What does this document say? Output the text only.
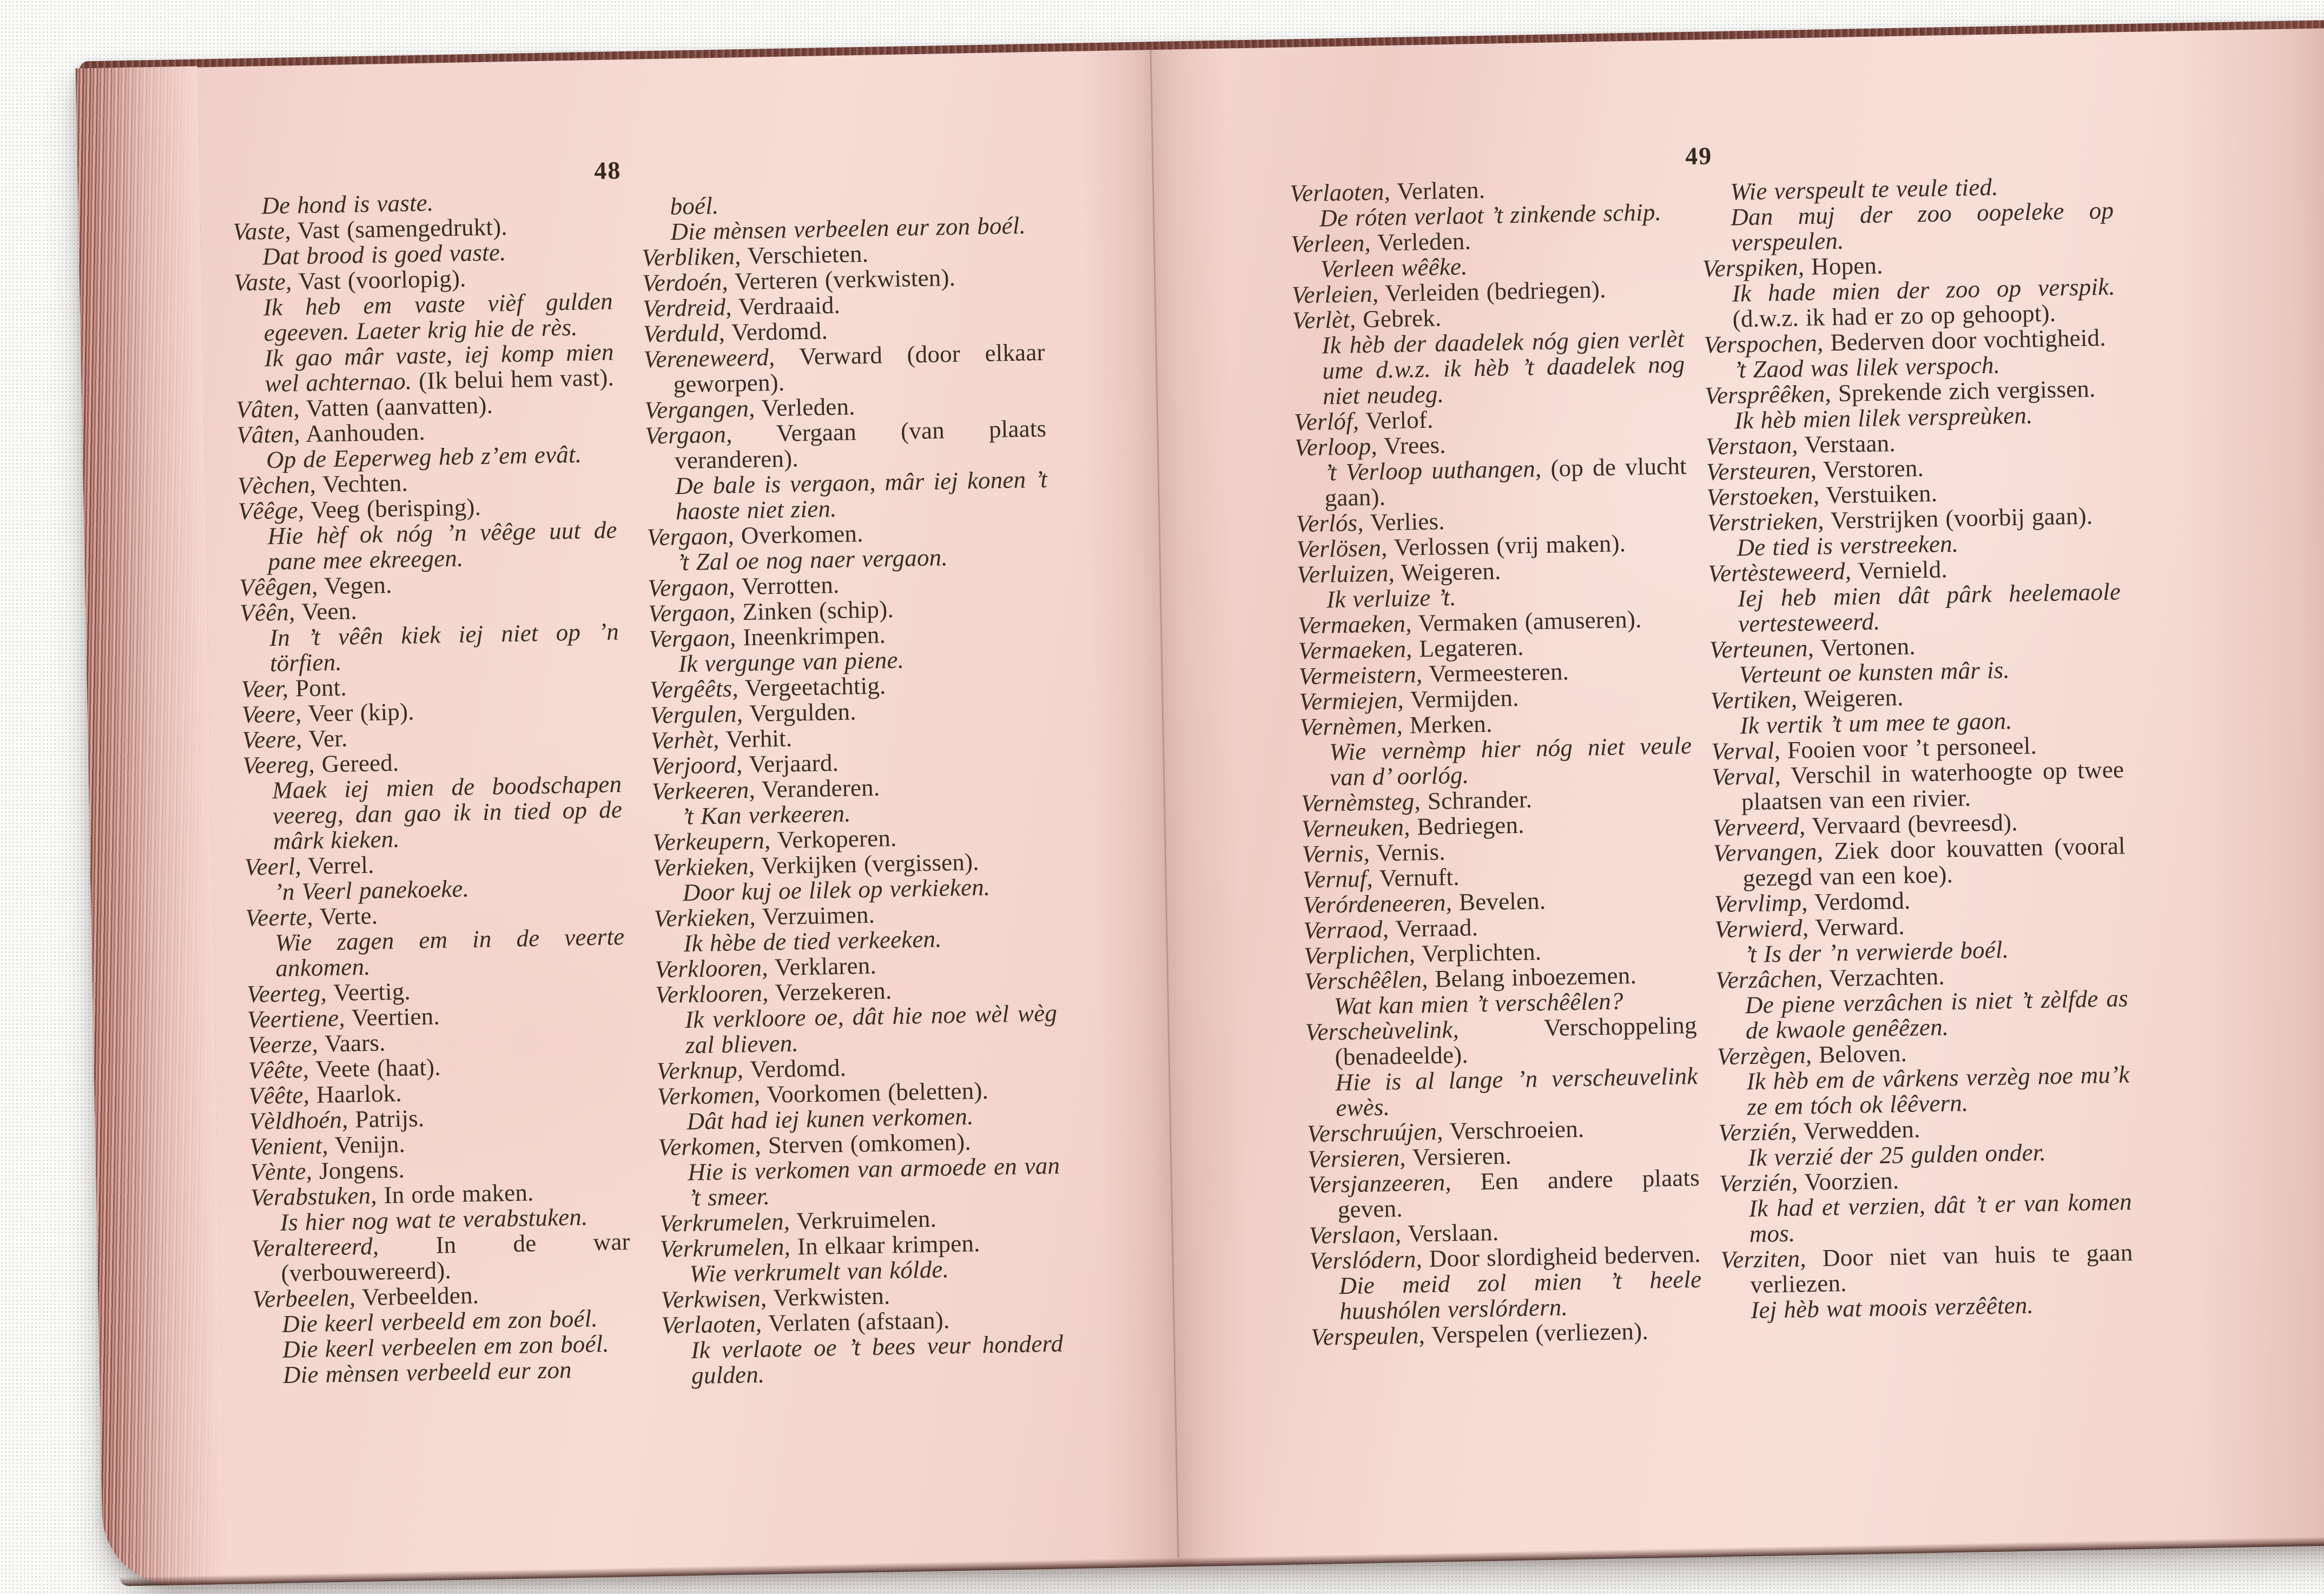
48
49

De hond is vaste.

Vaste, Vast (samengedrukt).

Dat brood is goed vaste.

Vaste, Vast (voorlopig).

Ik heb em vaste vièf gulden egeeven. Laeter krig hie de rès.

Ik gao mâr vaste, iej komp mien wel achternao. (Ik belui hem vast).

Vâten, Vatten (aanvatten).

Vâten, Aanhouden.

Op de Eeperweg heb z’em evât.

Vèchen, Vechten.

Vêêge, Veeg (berisping).

Hie hèf ok nóg ’n vêêge uut de pane mee ekreegen.

Vêêgen, Vegen.

Vêên, Veen.

In ’t vêên kiek iej niet op ’n törfien.

Veer, Pont.

Veere, Veer (kip).

Veere, Ver.

Veereg, Gereed.

Maek iej mien de boodschapen veereg, dan gao ik in tied op de mârk kieken.

Veerl, Verrel.

’n Veerl panekoeke.

Veerte, Verte.

Wie zagen em in de veerte ankomen.

Veerteg, Veertig.

Veertiene, Veertien.

Veerze, Vaars.

Vêête, Veete (haat).

Vêête, Haarlok.

Vèldhoén, Patrijs.

Venient, Venijn.

Vènte, Jongens.

Verabstuken, In orde maken.

Is hier nog wat te verabstuken.

Veraltereerd, In de war (verbouwereerd).

Verbeelen, Verbeelden.

Die keerl verbeeld em zon boél.

Die keerl verbeelen em zon boél.

Die mènsen verbeeld eur zon

boél.

Die mènsen verbeelen eur zon boél.

Verbliken, Verschieten.

Verdoén, Verteren (verkwisten).

Verdreid, Verdraaid.

Verduld, Verdomd.

Vereneweerd, Verward (door elkaar geworpen).

Vergangen, Verleden.

Vergaon, Vergaan (van plaats veranderen).

De bale is vergaon, mâr iej konen ’t haoste niet zien.

Vergaon, Overkomen.

’t Zal oe nog naer vergaon.

Vergaon, Verrotten.

Vergaon, Zinken (schip).

Vergaon, Ineenkrimpen.

Ik vergunge van piene.

Vergêêts, Vergeetachtig.

Vergulen, Vergulden.

Verhèt, Verhit.

Verjoord, Verjaard.

Verkeeren, Veranderen.

’t Kan verkeeren.

Verkeupern, Verkoperen.

Verkieken, Verkijken (vergissen).

Door kuj oe lilek op verkieken.

Verkieken, Verzuimen.

Ik hèbe de tied verkeeken.

Verklooren, Verklaren.

Verklooren, Verzekeren.

Ik verkloore oe, dât hie noe wèl wèg zal blieven.

Verknup, Verdomd.

Verkomen, Voorkomen (beletten).

Dât had iej kunen verkomen.

Verkomen, Sterven (omkomen).

Hie is verkomen van armoede en van ’t smeer.

Verkrumelen, Verkruimelen.

Verkrumelen, In elkaar krimpen.

Wie verkrumelt van kólde.

Verkwisen, Verkwisten.

Verlaoten, Verlaten (afstaan).

Ik verlaote oe ’t bees veur honderd gulden.

Verlaoten, Verlaten.

De róten verlaot ’t zinkende schip.

Verleen, Verleden.

Verleen wêêke.

Verleien, Verleiden (bedriegen).

Verlèt, Gebrek.

Ik hèb der daadelek nóg gien verlèt ume d.w.z. ik hèb ’t daadelek nog niet neudeg.

Verlóf, Verlof.

Verloop, Vrees.

’t Verloop uuthangen, (op de vlucht gaan).

Verlós, Verlies.

Verlösen, Verlossen (vrij maken).

Verluizen, Weigeren.

Ik verluize ’t.

Vermaeken, Vermaken (amuseren).

Vermaeken, Legateren.

Vermeistern, Vermeesteren.

Vermiejen, Vermijden.

Vernèmen, Merken.

Wie vernèmp hier nóg niet veule van d’ oorlóg.

Vernèmsteg, Schrander.

Verneuken, Bedriegen.

Vernis, Vernis.

Vernuf, Vernuft.

Verórdeneeren, Bevelen.

Verraod, Verraad.

Verplichen, Verplichten.

Verschêêlen, Belang inboezemen.

Wat kan mien ’t verschêêlen?

Verscheùvelink, Verschoppeling (benadeelde).

Hie is al lange ’n verscheuvelink ewès.

Verschruújen, Verschroeien.

Versieren, Versieren.

Versjanzeeren, Een andere plaats geven.

Verslaon, Verslaan.

Verslódern, Door slordigheid bederven.

Die meid zol mien ’t heele huushólen verslórdern.

Verspeulen, Verspelen (verliezen).

Wie verspeult te veule tied.

Dan muj der zoo oopeleke op verspeulen.

Verspiken, Hopen.

Ik hade mien der zoo op verspik. (d.w.z. ik had er zo op gehoopt).

Verspochen, Bederven door vochtigheid.

’t Zaod was lilek verspoch.

Versprêêken, Sprekende zich vergissen.

Ik hèb mien lilek verspreùken.

Verstaon, Verstaan.

Versteuren, Verstoren.

Verstoeken, Verstuiken.

Verstrieken, Verstrijken (voorbij gaan).

De tied is verstreeken.

Vertèsteweerd, Vernield.

Iej heb mien dât pârk heelemaole vertesteweerd.

Verteunen, Vertonen.

Verteunt oe kunsten mâr is.

Vertiken, Weigeren.

Ik vertik ’t um mee te gaon.

Verval, Fooien voor ’t personeel.

Verval, Verschil in waterhoogte op twee plaatsen van een rivier.

Verveerd, Vervaard (bevreesd).

Vervangen, Ziek door kouvatten (vooral gezegd van een koe).

Vervlimp, Verdomd.

Verwierd, Verward.

’t Is der ’n verwierde boél.

Verzâchen, Verzachten.

De piene verzâchen is niet ’t zèlfde as de kwaole genêêzen.

Verzègen, Beloven.

Ik hèb em de vârkens verzèg noe mu’k ze em tóch ok lêêvern.

Verzién, Verwedden.

Ik verzié der 25 gulden onder.

Verzién, Voorzien.

Ik had et verzien, dât ’t er van komen mos.

Verziten, Door niet van huis te gaan verliezen.

Iej hèb wat moois verzêêten.
